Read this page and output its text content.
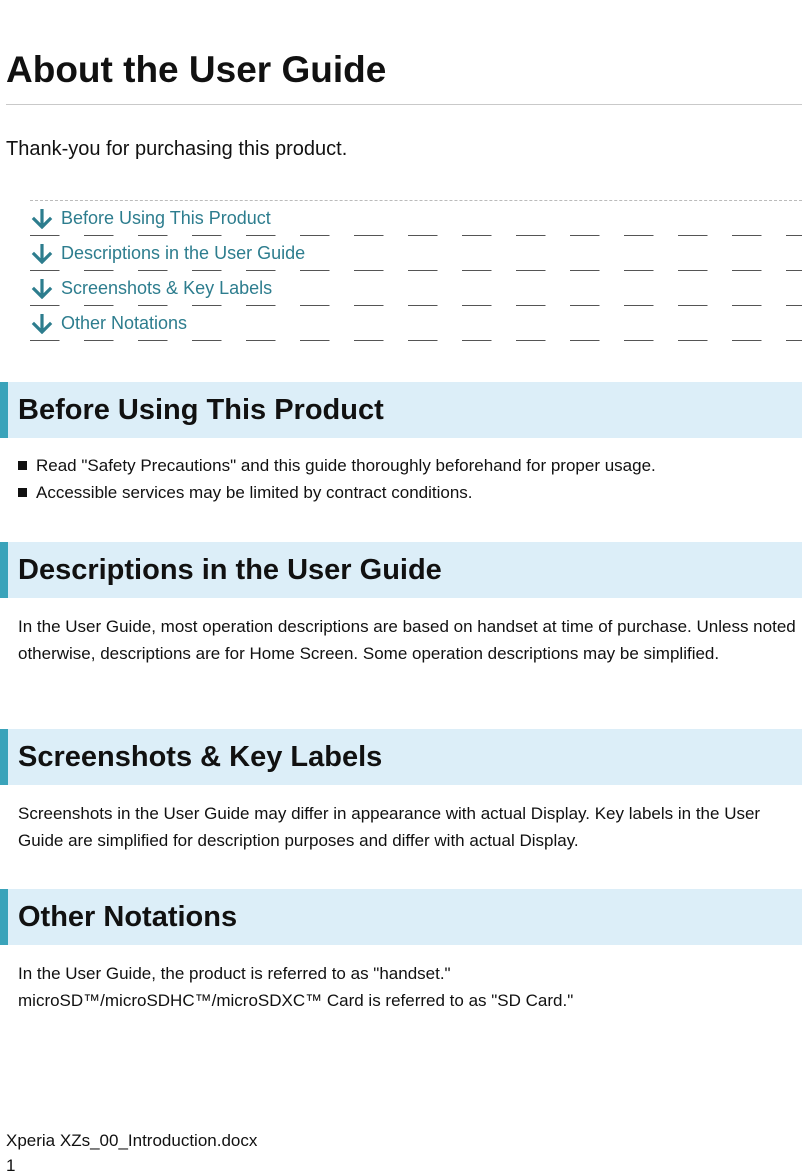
About the User Guide
Thank-you for purchasing this product.
Before Using This Product
Descriptions in the User Guide
Screenshots & Key Labels
Other Notations
Before Using This Product
Read "Safety Precautions" and this guide thoroughly beforehand for proper usage.
Accessible services may be limited by contract conditions.
Descriptions in the User Guide
In the User Guide, most operation descriptions are based on handset at time of purchase. Unless noted otherwise, descriptions are for Home Screen. Some operation descriptions may be simplified.
Screenshots & Key Labels
Screenshots in the User Guide may differ in appearance with actual Display. Key labels in the User Guide are simplified for description purposes and differ with actual Display.
Other Notations
In the User Guide, the product is referred to as "handset."
microSD™/microSDHC™/microSDXC™ Card is referred to as "SD Card."
Xperia XZs_00_Introduction.docx
1
